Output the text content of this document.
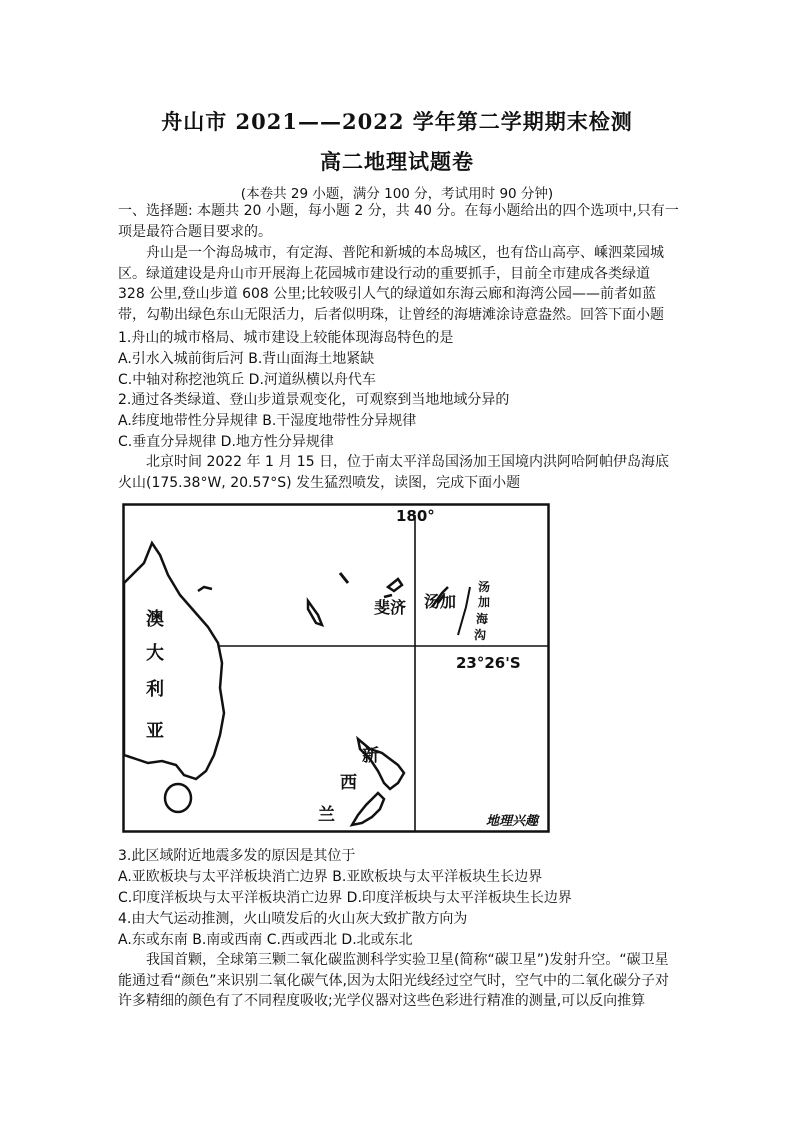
舟山市 2021——2022 学年第二学期期末检测
高二地理试题卷
(本卷共 29 小题，满分 100 分，考试用时 90 分钟)
一、选择题: 本题共 20 小题，每小题 2 分，共 40 分。在每小题给出的四个选项中,只有一项是最符合题目要求的。
舟山是一个海岛城市，有定海、普陀和新城的本岛城区，也有岱山高亭、嵊泗菜园城区。绿道建设是舟山市开展海上花园城市建设行动的重要抓手，目前全市建成各类绿道 328 公里,登山步道 608 公里;比较吸引人气的绿道如东海云廊和海湾公园——前者如蓝带，勾勒出绿色东山无限活力，后者似明珠，让曾经的海塘滩涂诗意盎然。回答下面小题
1.舟山的城市格局、城市建设上较能体现海岛特色的是
A.引水入城前街后河 B.背山面海土地紧缺
C.中轴对称挖池筑丘 D.河道纵横以舟代车
2.通过各类绿道、登山步道景观变化，可观察到当地地域分异的
A.纬度地带性分异规律 B.干湿度地带性分异规律
C.垂直分异规律 D.地方性分异规律
北京时间 2022 年 1 月 15 日，位于南太平洋岛国汤加王国境内洪阿哈阿帕伊岛海底火山(175.38°W, 20.57°S) 发生猛烈喷发，读图，完成下面小题
180°
23°26'S
澳
大
利
亚
斐济 汤加
汤
加
海
沟
新
西
兰	地理兴趣
3.此区域附近地震多发的原因是其位于
A.亚欧板块与太平洋板块消亡边界 B.亚欧板块与太平洋板块生长边界
C.印度洋板块与太平洋板块消亡边界 D.印度洋板块与太平洋板块生长边界
4.由大气运动推测，火山喷发后的火山灰大致扩散方向为
A.东或东南 B.南或西南 C.西或西北 D.北或东北
我国首颗，全球第三颗二氧化碳监测科学实验卫星(简称“碳卫星”)发射升空。“碳卫星能通过看“颜色”来识别二氧化碳气体,因为太阳光线经过空气时，空气中的二氧化碳分子对许多精细的颜色有了不同程度吸收;光学仪器对这些色彩进行精准的测量,可以反向推算
